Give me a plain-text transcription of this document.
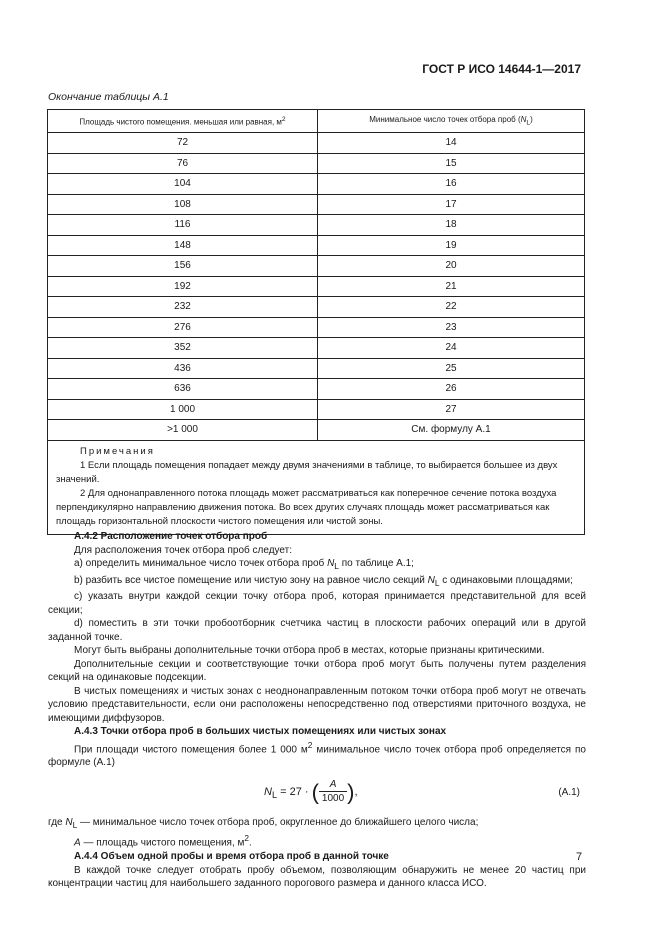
ГОСТ Р ИСО 14644-1—2017
Окончание таблицы А.1
Площадь чистого помещения. меньшая или равная, $м^2$	Минимальное число точек отбора проб $(N_L)$
72	14
76	15
104	16
108	17
116	18
148	19
156	20
192	21
232	22
276	23
352	24
436	25
636	26
1 000	27
>1 000	См. формулу А.1

Примечания
1 Если площадь помещения попадает между двумя значениями в таблице, то выбирается большее из двух значений.
2 Для однонаправленного потока площадь может рассматриваться как поперечное сечение потока воздуха перпендикулярно направлению движения потока. Во всех других случаях площадь может рассматриваться как площадь горизонтальной плоскости чистого помещения или чистой зоны.	

А.4.2 Расположение точек отбора проб

Для расположения точек отбора проб следует:

a) определить минимальное число точек отбора проб $N_L$ по таблице А.1;

b) разбить все чистое помещение или чистую зону на равное число секций $N_L$ с одинаковыми площадями;

c) указать внутри каждой секции точку отбора проб, которая принимается представительной для всей секции;

d) поместить в эти точки пробоотборник счетчика частиц в плоскости рабочих операций или в другой заданной точке.

Могут быть выбраны дополнительные точки отбора проб в местах, которые признаны критическими.

Дополнительные секции и соответствующие точки отбора проб могут быть получены путем разделения секций на одинаковые подсекции.

В чистых помещениях и чистых зонах с неоднонаправленным потоком точки отбора проб могут не отвечать условию представительности, если они расположены непосредственно под отверстиями приточного воздуха, не имеющими диффузоров.

А.4.3 Точки отбора проб в больших чистых помещениях или чистых зонах

При площади чистого помещения более 1 000 $м^2$ минимальное число точек отбора проб определяется по формуле (А.1)

$N_L = 27$ · ( $\frac{A}{1000}$ ),	(А.1)

где $N_L$ — минимальное число точек отбора проб, округленное до ближайшего целого числа;

A — площадь чистого помещения, $м^2$.

А.4.4 Объем одной пробы и время отбора проб в данной точке

В каждой точке следует отобрать пробу объемом, позволяющим обнаружить не менее 20 частиц при концентрации частиц для наибольшего заданного порогового размера и данного класса ИСО.

7
